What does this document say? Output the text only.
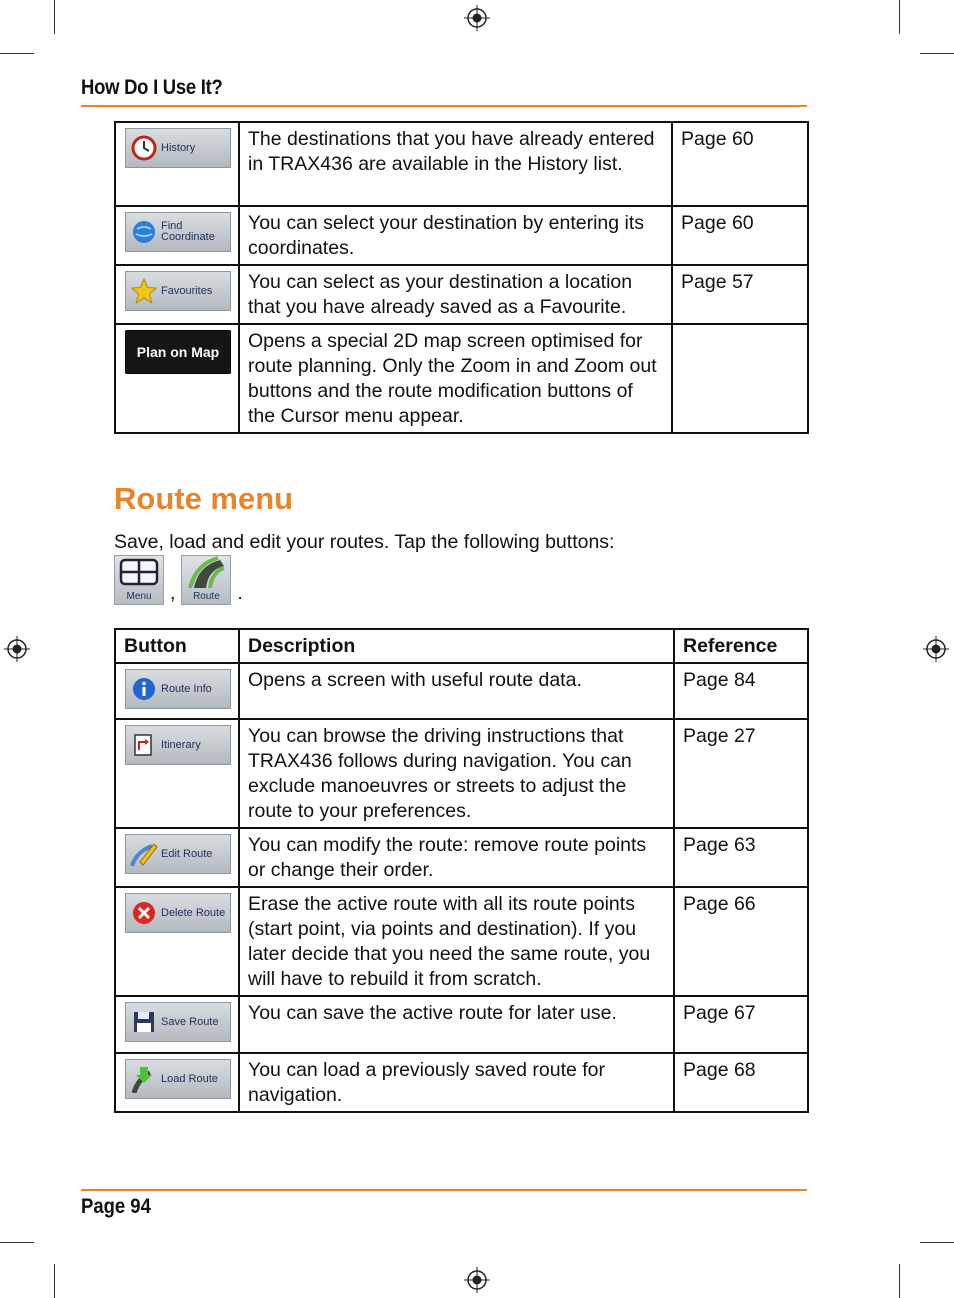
How Do I Use It?
History	The destinations that you have already entered in TRAX436 are available in the History list.	Page 60

Find Coordinate	You can select your destination by entering its coordinates.	Page 60

Favourites	You can select as your destination a location that you have already saved as a Favourite.	Page 57

Plan on Map	Opens a special 2D map screen optimised for route planning. Only the Zoom in and Zoom out buttons and the route modification buttons of the Cursor menu appear.	
Route menu
Save, load and edit your routes. Tap the following buttons:
Menu , Route .
Button	Description	Reference

Route Info	Opens a screen with useful route data.	Page 84

Itinerary	You can browse the driving instructions that TRAX436 follows during navigation. You can exclude manoeuvres or streets to adjust the route to your preferences.	Page 27

Edit Route	You can modify the route: remove route points or change their order.	Page 63

Delete Route	Erase the active route with all its route points (start point, via points and destination). If you later decide that you need the same route, you will have to rebuild it from scratch.	Page 66

Save Route	You can save the active route for later use.	Page 67

Load Route	You can load a previously saved route for navigation.	Page 68
Page 94
